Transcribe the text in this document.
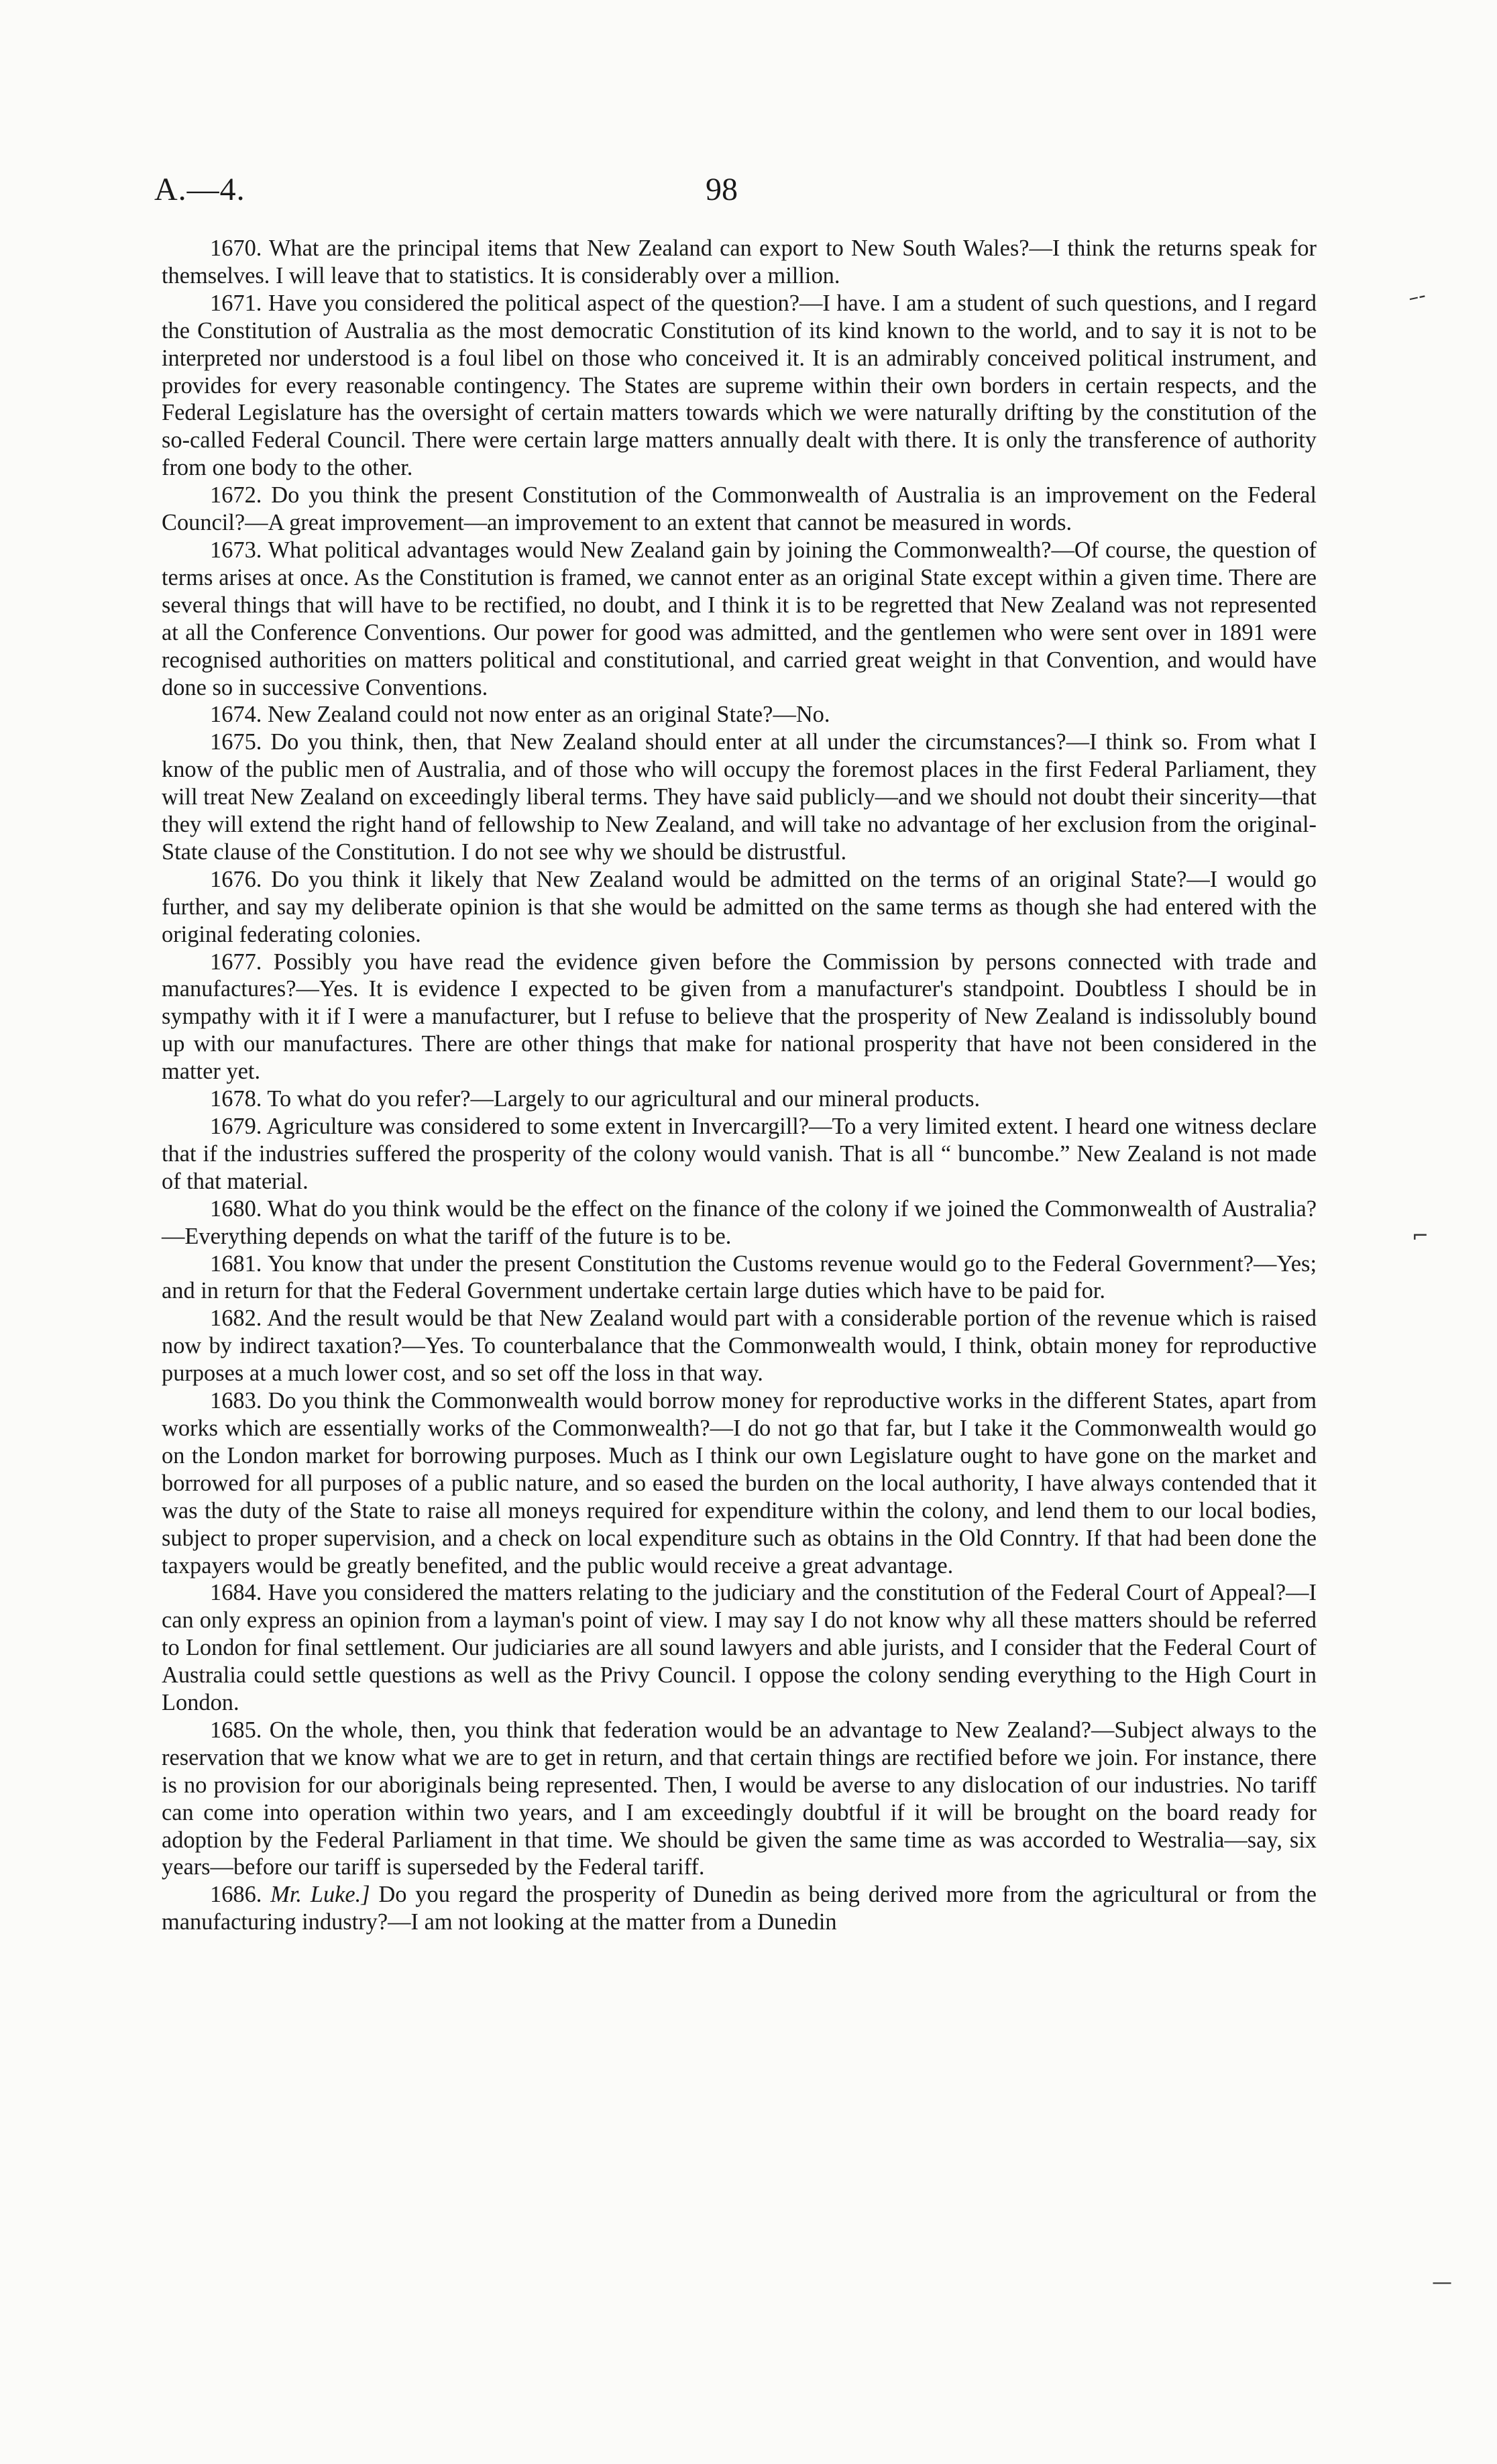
A.—4.	98

1670. What are the principal items that New Zealand can export to New South Wales?—I think the returns speak for themselves. I will leave that to statistics. It is considerably over a million.

1671. Have you considered the political aspect of the question?—I have. I am a student of such questions, and I regard the Constitution of Australia as the most democratic Constitution of its kind known to the world, and to say it is not to be interpreted nor understood is a foul libel on those who conceived it. It is an admirably conceived political instrument, and provides for every reasonable contingency. The States are supreme within their own borders in certain respects, and the Federal Legislature has the oversight of certain matters towards which we were naturally drifting by the constitution of the so-called Federal Council. There were certain large matters annually dealt with there. It is only the transference of authority from one body to the other.

1672. Do you think the present Constitution of the Commonwealth of Australia is an improvement on the Federal Council?—A great improvement—an improvement to an extent that cannot be measured in words.

1673. What political advantages would New Zealand gain by joining the Commonwealth?—Of course, the question of terms arises at once. As the Constitution is framed, we cannot enter as an original State except within a given time. There are several things that will have to be rectified, no doubt, and I think it is to be regretted that New Zealand was not represented at all the Conference Conventions. Our power for good was admitted, and the gentlemen who were sent over in 1891 were recognised authorities on matters political and constitutional, and carried great weight in that Convention, and would have done so in successive Conventions.

1674. New Zealand could not now enter as an original State?—No.

1675. Do you think, then, that New Zealand should enter at all under the circumstances?—I think so. From what I know of the public men of Australia, and of those who will occupy the foremost places in the first Federal Parliament, they will treat New Zealand on exceedingly liberal terms. They have said publicly—and we should not doubt their sincerity—that they will extend the right hand of fellowship to New Zealand, and will take no advantage of her exclusion from the original-State clause of the Constitution. I do not see why we should be distrustful.

1676. Do you think it likely that New Zealand would be admitted on the terms of an original State?—I would go further, and say my deliberate opinion is that she would be admitted on the same terms as though she had entered with the original federating colonies.

1677. Possibly you have read the evidence given before the Commission by persons connected with trade and manufactures?—Yes. It is evidence I expected to be given from a manufacturer's standpoint. Doubtless I should be in sympathy with it if I were a manufacturer, but I refuse to believe that the prosperity of New Zealand is indissolubly bound up with our manufactures. There are other things that make for national prosperity that have not been considered in the matter yet.

1678. To what do you refer?—Largely to our agricultural and our mineral products.

1679. Agriculture was considered to some extent in Invercargill?—To a very limited extent. I heard one witness declare that if the industries suffered the prosperity of the colony would vanish. That is all “ buncombe.” New Zealand is not made of that material.

1680. What do you think would be the effect on the finance of the colony if we joined the Commonwealth of Australia?—Everything depends on what the tariff of the future is to be.

1681. You know that under the present Constitution the Customs revenue would go to the Federal Government?—Yes; and in return for that the Federal Government undertake certain large duties which have to be paid for.

1682. And the result would be that New Zealand would part with a considerable portion of the revenue which is raised now by indirect taxation?—Yes. To counterbalance that the Commonwealth would, I think, obtain money for reproductive purposes at a much lower cost, and so set off the loss in that way.

1683. Do you think the Commonwealth would borrow money for reproductive works in the different States, apart from works which are essentially works of the Commonwealth?—I do not go that far, but I take it the Commonwealth would go on the London market for borrowing purposes. Much as I think our own Legislature ought to have gone on the market and borrowed for all purposes of a public nature, and so eased the burden on the local authority, I have always contended that it was the duty of the State to raise all moneys required for expenditure within the colony, and lend them to our local bodies, subject to proper supervision, and a check on local expenditure such as obtains in the Old Conntry. If that had been done the taxpayers would be greatly benefited, and the public would receive a great advantage.

1684. Have you considered the matters relating to the judiciary and the constitution of the Federal Court of Appeal?—I can only express an opinion from a layman's point of view. I may say I do not know why all these matters should be referred to London for final settlement. Our judiciaries are all sound lawyers and able jurists, and I consider that the Federal Court of Australia could settle questions as well as the Privy Council. I oppose the colony sending everything to the High Court in London.

1685. On the whole, then, you think that federation would be an advantage to New Zealand?—Subject always to the reservation that we know what we are to get in return, and that certain things are rectified before we join. For instance, there is no provision for our aboriginals being represented. Then, I would be averse to any dislocation of our industries. No tariff can come into operation within two years, and I am exceedingly doubtful if it will be brought on the board ready for adoption by the Federal Parliament in that time. We should be given the same time as was accorded to Westralia—say, six years—before our tariff is superseded by the Federal tariff.

1686. Mr. Luke.] Do you regard the prosperity of Dunedin as being derived more from the agricultural or from the manufacturing industry?—I am not looking at the matter from a Dunedin

–-
⌐
—
